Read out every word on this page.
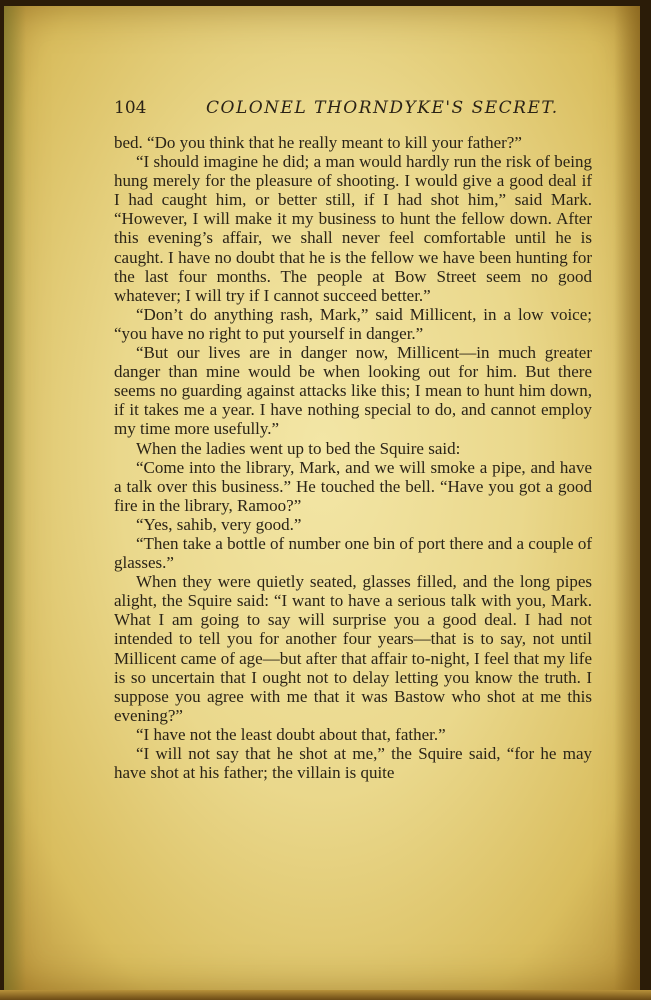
104	COLONEL THORNDYKE'S SECRET.

bed. “Do you think that he really meant to kill your father?”

“I should imagine he did; a man would hardly run the risk of being hung merely for the pleasure of shooting. I would give a good deal if I had caught him, or better still, if I had shot him,” said Mark. “However, I will make it my business to hunt the fellow down. After this evening’s affair, we shall never feel comfortable until he is caught. I have no doubt that he is the fellow we have been hunting for the last four months. The people at Bow Street seem no good whatever; I will try if I cannot succeed better.”

“Don’t do anything rash, Mark,” said Millicent, in a low voice; “you have no right to put yourself in danger.”

“But our lives are in danger now, Millicent—in much greater danger than mine would be when looking out for him. But there seems no guarding against attacks like this; I mean to hunt him down, if it takes me a year. I have nothing special to do, and cannot employ my time more usefully.”

When the ladies went up to bed the Squire said:

“Come into the library, Mark, and we will smoke a pipe, and have a talk over this business.” He touched the bell. “Have you got a good fire in the library, Ramoo?”

“Yes, sahib, very good.”

“Then take a bottle of number one bin of port there and a couple of glasses.”

When they were quietly seated, glasses filled, and the long pipes alight, the Squire said: “I want to have a serious talk with you, Mark. What I am going to say will surprise you a good deal. I had not intended to tell you for another four years—that is to say, not until Millicent came of age—but after that affair to-night, I feel that my life is so uncertain that I ought not to delay letting you know the truth. I suppose you agree with me that it was Bastow who shot at me this evening?”

“I have not the least doubt about that, father.”

“I will not say that he shot at me,” the Squire said, “for he may have shot at his father; the villain is quite
